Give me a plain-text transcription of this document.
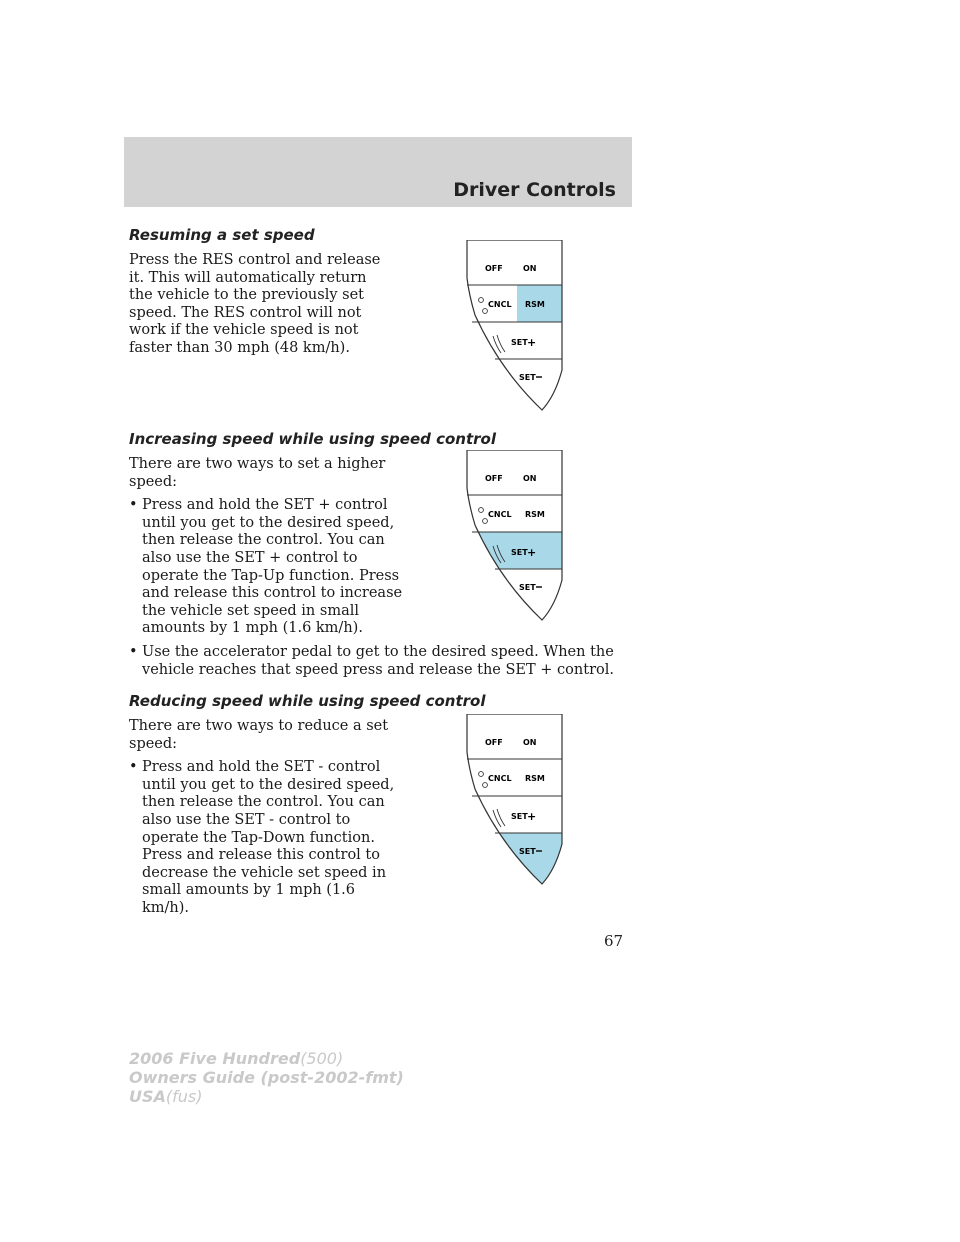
Driver Controls
Resuming a set speed

Press the RES control and release it. This will automatically return the vehicle to the previously set speed. The RES control will not work if the vehicle speed is not faster than 30 mph (48 km/h).

Increasing speed while using speed control

There are two ways to set a higher speed:

• Press and hold the SET + control until you get to the desired speed, then release the control. You can also use the SET + control to operate the Tap-Up function. Press and release this control to increase the vehicle set speed in small amounts by 1 mph (1.6 km/h).
• Use the accelerator pedal to get to the desired speed. When the vehicle reaches that speed press and release the SET + control.
Reducing speed while using speed control

There are two ways to reduce a set speed:

• Press and hold the SET - control until you get to the desired speed, then release the control. You can also use the SET - control to operate the Tap-Down function. Press and release this control to decrease the vehicle set speed in small amounts by 1 mph (1.6 km/h).
OFF	ON
CNCL RSM
SET +
SET
OFF	ON
CNCL RSM
SET +
SET
OFF	ON
CNCL RSM
SET +
SET
67
2006 Five Hundred(500)
Owners Guide (post-2002-fmt)
USA(fus)
